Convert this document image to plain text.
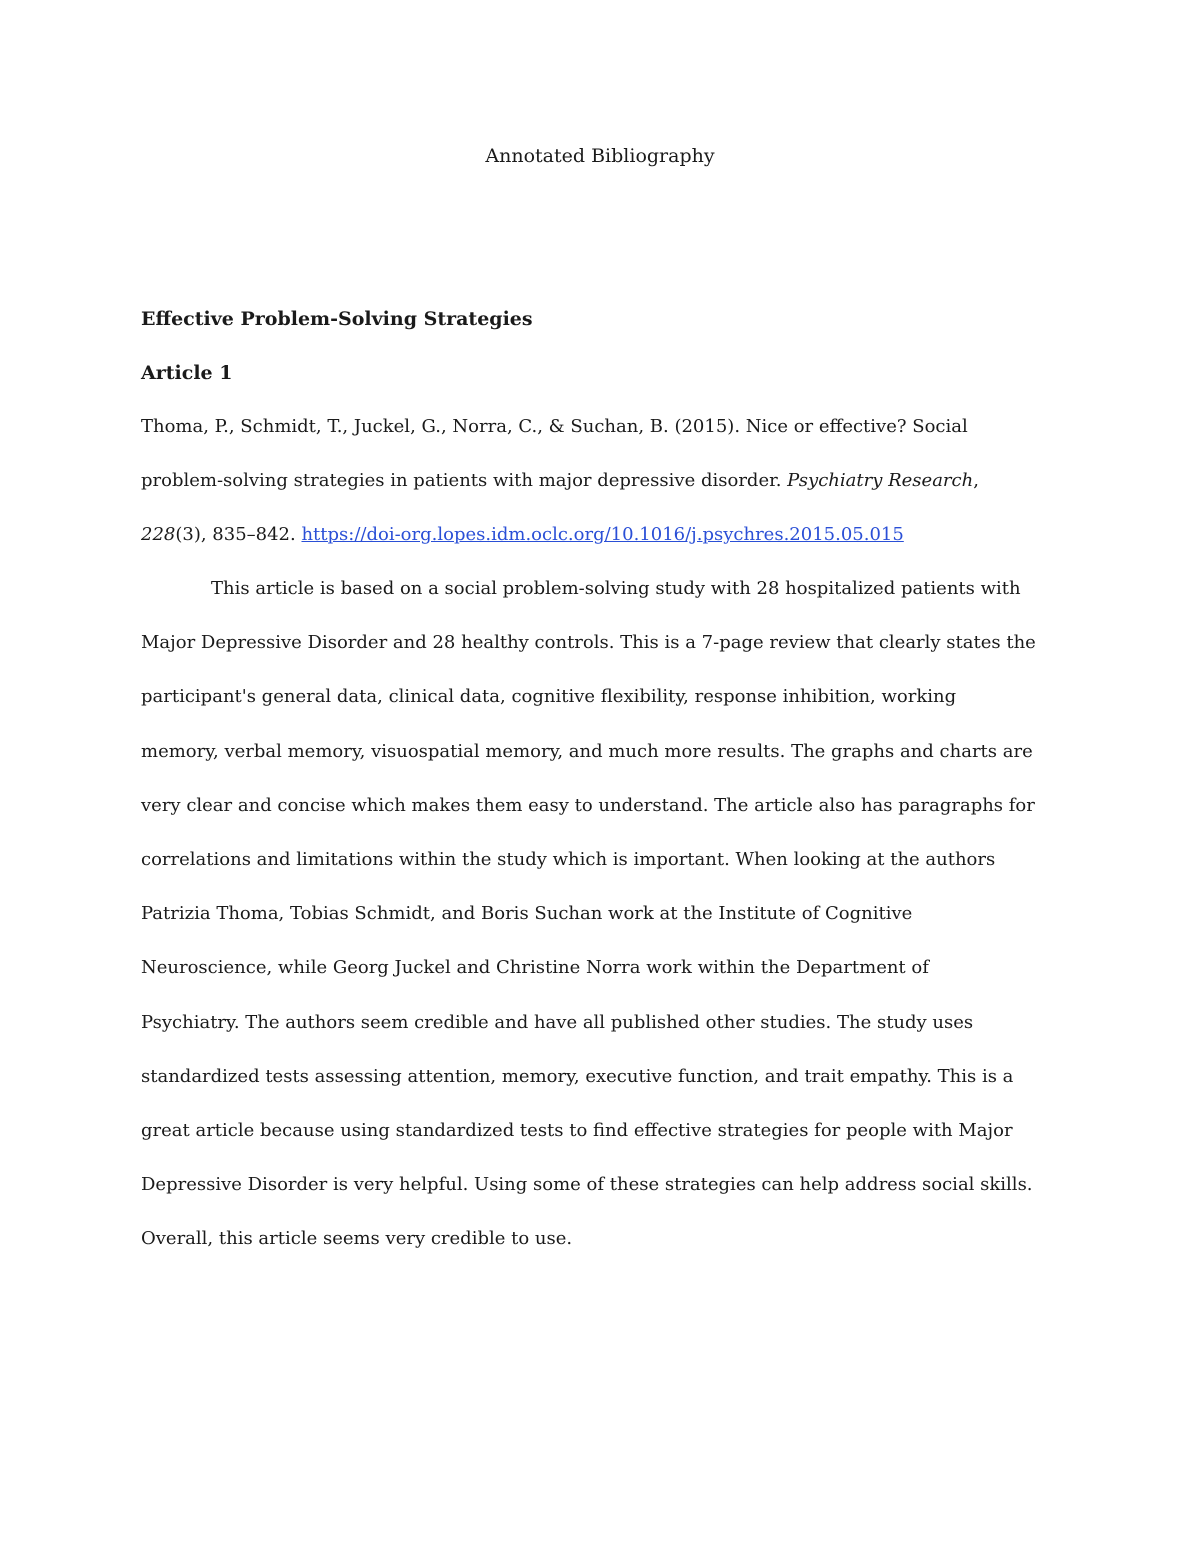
Annotated Bibliography
Effective Problem-Solving Strategies
Article 1
Thoma, P., Schmidt, T., Juckel, G., Norra, C., & Suchan, B. (2015). Nice or effective? Social
problem-solving strategies in patients with major depressive disorder. Psychiatry Research,
228(3), 835–842. https://doi-org.lopes.idm.oclc.org/10.1016/j.psychres.2015.05.015
This article is based on a social problem-solving study with 28 hospitalized patients with
Major Depressive Disorder and 28 healthy controls. This is a 7-page review that clearly states the
participant's general data, clinical data, cognitive flexibility, response inhibition, working
memory, verbal memory, visuospatial memory, and much more results. The graphs and charts are
very clear and concise which makes them easy to understand. The article also has paragraphs for
correlations and limitations within the study which is important. When looking at the authors
Patrizia Thoma, Tobias Schmidt, and Boris Suchan work at the Institute of Cognitive
Neuroscience, while Georg Juckel and Christine Norra work within the Department of
Psychiatry. The authors seem credible and have all published other studies. The study uses
standardized tests assessing attention, memory, executive function, and trait empathy. This is a
great article because using standardized tests to find effective strategies for people with Major
Depressive Disorder is very helpful. Using some of these strategies can help address social skills.
Overall, this article seems very credible to use.
